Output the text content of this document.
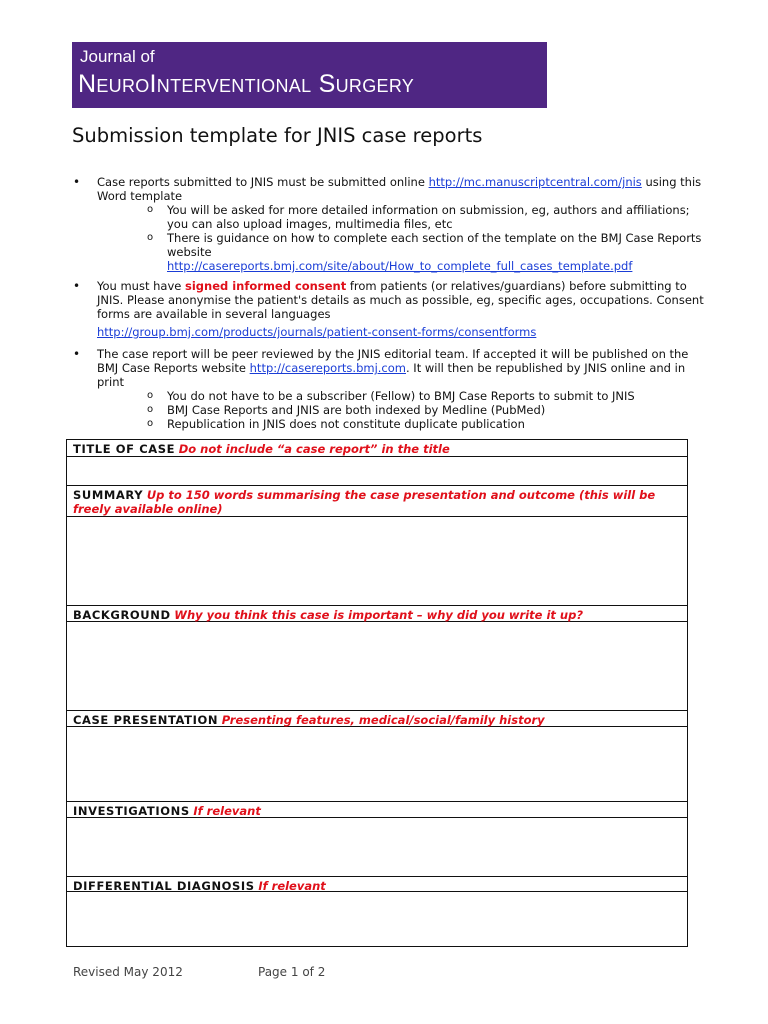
Journal of
NeuroInterventional Surgery
Submission template for JNIS case reports
• Case reports submitted to JNIS must be submitted online http://mc.manuscriptcentral.com/jnis using this Word template
o You will be asked for more detailed information on submission, eg, authors and affiliations; you can also upload images, multimedia files, etc
o There is guidance on how to complete each section of the template on the BMJ Case Reports website
http://casereports.bmj.com/site/about/How_to_complete_full_cases_template.pdf
• You must have signed informed consent from patients (or relatives/guardians) before submitting to JNIS. Please anonymise the patient's details as much as possible, eg, specific ages, occupations. Consent forms are available in several languages
http://group.bmj.com/products/journals/patient-consent-forms/consentforms
• The case report will be peer reviewed by the JNIS editorial team. If accepted it will be published on the BMJ Case Reports website http://casereports.bmj.com. It will then be republished by JNIS online and in print
o You do not have to be a subscriber (Fellow) to BMJ Case Reports to submit to JNIS
o BMJ Case Reports and JNIS are both indexed by Medline (PubMed)
o Republication in JNIS does not constitute duplicate publication
TITLE OF CASE Do not include “a case report” in the title
SUMMARY Up to 150 words summarising the case presentation and outcome (this will be freely available online)
BACKGROUND Why you think this case is important – why did you write it up?
CASE PRESENTATION Presenting features, medical/social/family history
INVESTIGATIONS If relevant
DIFFERENTIAL DIAGNOSIS If relevant
Revised May 2012	Page 1 of 2
